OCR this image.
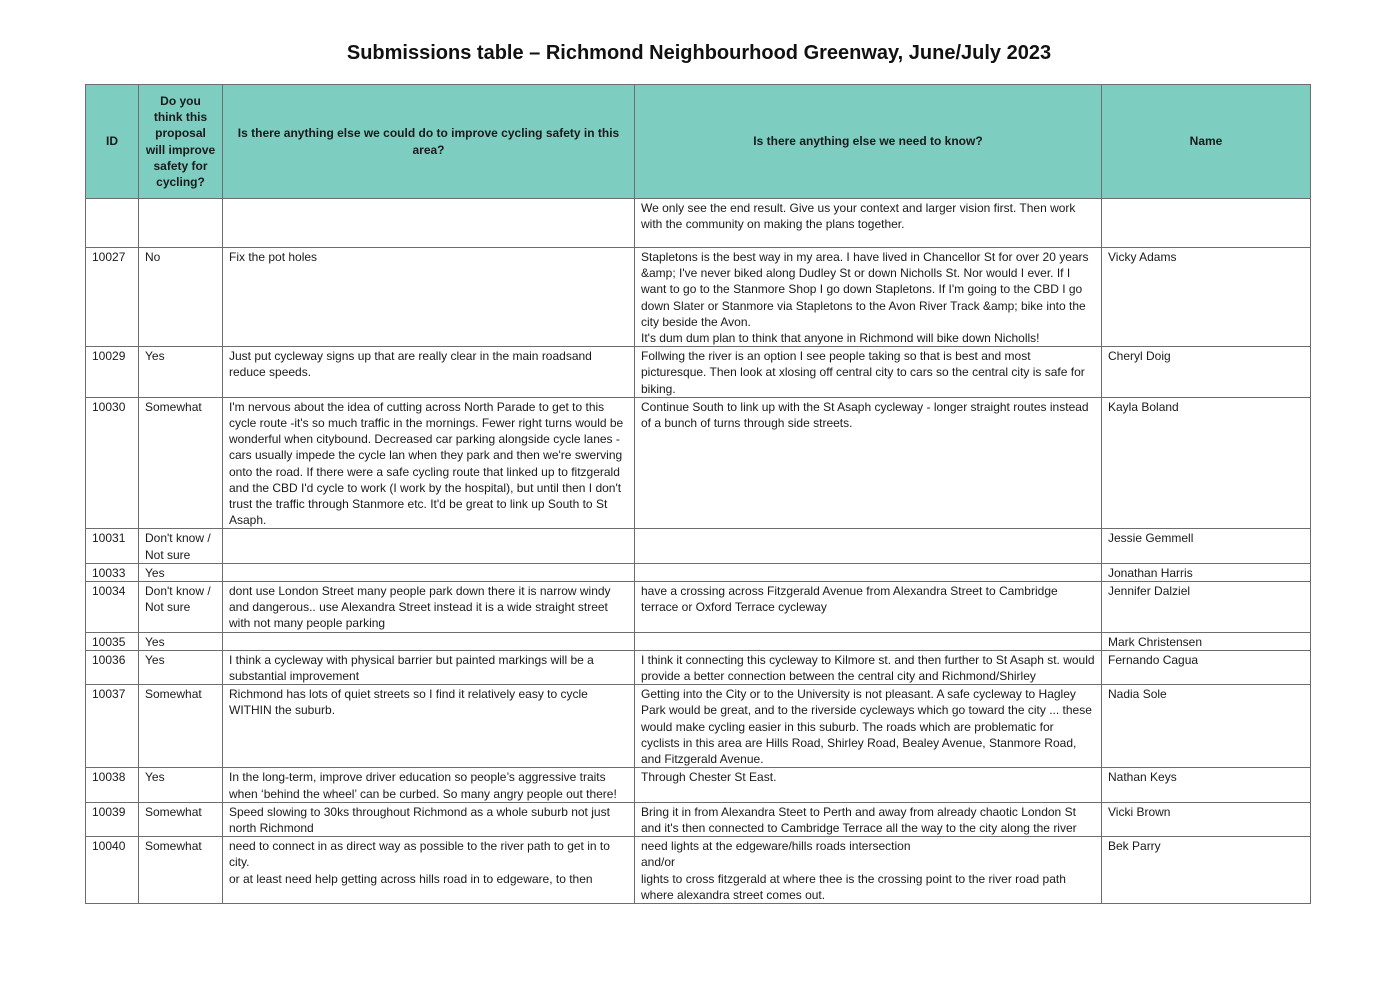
Submissions table – Richmond Neighbourhood Greenway, June/July 2023
ID	Do you think this proposal will improve safety for cycling?	Is there anything else we could do to improve cycling safety in this area?	Is there anything else we need to know?	Name
			We only see the end result. Give us your context and larger vision first. Then work with the community on making the plans together.	
10027	No	Fix the pot holes	Stapletons is the best way in my area. I have lived in Chancellor St for over 20 years &amp; I've never biked along Dudley St or down Nicholls St. Nor would I ever. If I want to go to the Stanmore Shop I go down Stapletons. If I'm going to the CBD I go down Slater or Stanmore via Stapletons to the Avon River Track &amp; bike into the city beside the Avon.
It's dum dum plan to think that anyone in Richmond will bike down Nicholls!	Vicky Adams
10029	Yes	Just put cycleway signs up that are really clear in the main roadsand reduce speeds.	Follwing the river is an option I see people taking so that is best and most picturesque. Then look at xlosing off central city to cars so the central city is safe for biking.	Cheryl Doig
10030	Somewhat	I'm nervous about the idea of cutting across North Parade to get to this cycle route -it's so much traffic in the mornings. Fewer right turns would be wonderful when citybound. Decreased car parking alongside cycle lanes - cars usually impede the cycle lan when they park and then we're swerving onto the road. If there were a safe cycling route that linked up to fitzgerald and the CBD I'd cycle to work (I work by the hospital), but until then I don't trust the traffic through Stanmore etc. It'd be great to link up South to St Asaph.	Continue South to link up with the St Asaph cycleway - longer straight routes instead of a bunch of turns through side streets.	Kayla Boland
10031	Don't know / Not sure			Jessie Gemmell
10033	Yes			Jonathan Harris
10034	Don't know / Not sure	dont use London Street many people park down there it is narrow windy and dangerous.. use Alexandra Street instead it is a wide straight street with not many people parking	have a crossing across Fitzgerald Avenue from Alexandra Street to Cambridge terrace or Oxford Terrace cycleway	Jennifer Dalziel
10035	Yes			Mark Christensen
10036	Yes	I think a cycleway with physical barrier but painted markings will be a substantial improvement	I think it connecting this cycleway to Kilmore st. and then further to St Asaph st. would provide a better connection between the central city and Richmond/Shirley	Fernando Cagua
10037	Somewhat	Richmond has lots of quiet streets so I find it relatively easy to cycle WITHIN the suburb.	Getting into the City or to the University is not pleasant. A safe cycleway to Hagley Park would be great, and to the riverside cycleways which go toward the city ... these would make cycling easier in this suburb. The roads which are problematic for cyclists in this area are Hills Road, Shirley Road, Bealey Avenue, Stanmore Road, and Fitzgerald Avenue.	Nadia Sole
10038	Yes	In the long-term, improve driver education so people’s aggressive traits when ‘behind the wheel’ can be curbed. So many angry people out there!	Through Chester St East.	Nathan Keys
10039	Somewhat	Speed slowing to 30ks throughout Richmond as a whole suburb not just north Richmond	Bring it in from Alexandra Steet to Perth and away from already chaotic London St and it's then connected to Cambridge Terrace all the way to the city along the river	Vicki Brown
10040	Somewhat	need to connect in as direct way as possible to the river path to get in to city.
or at least need help getting across hills road in to edgeware, to then	need lights at the edgeware/hills roads intersection
and/or
lights to cross fitzgerald at where thee is the crossing point to the river road path where alexandra street comes out.	Bek Parry
